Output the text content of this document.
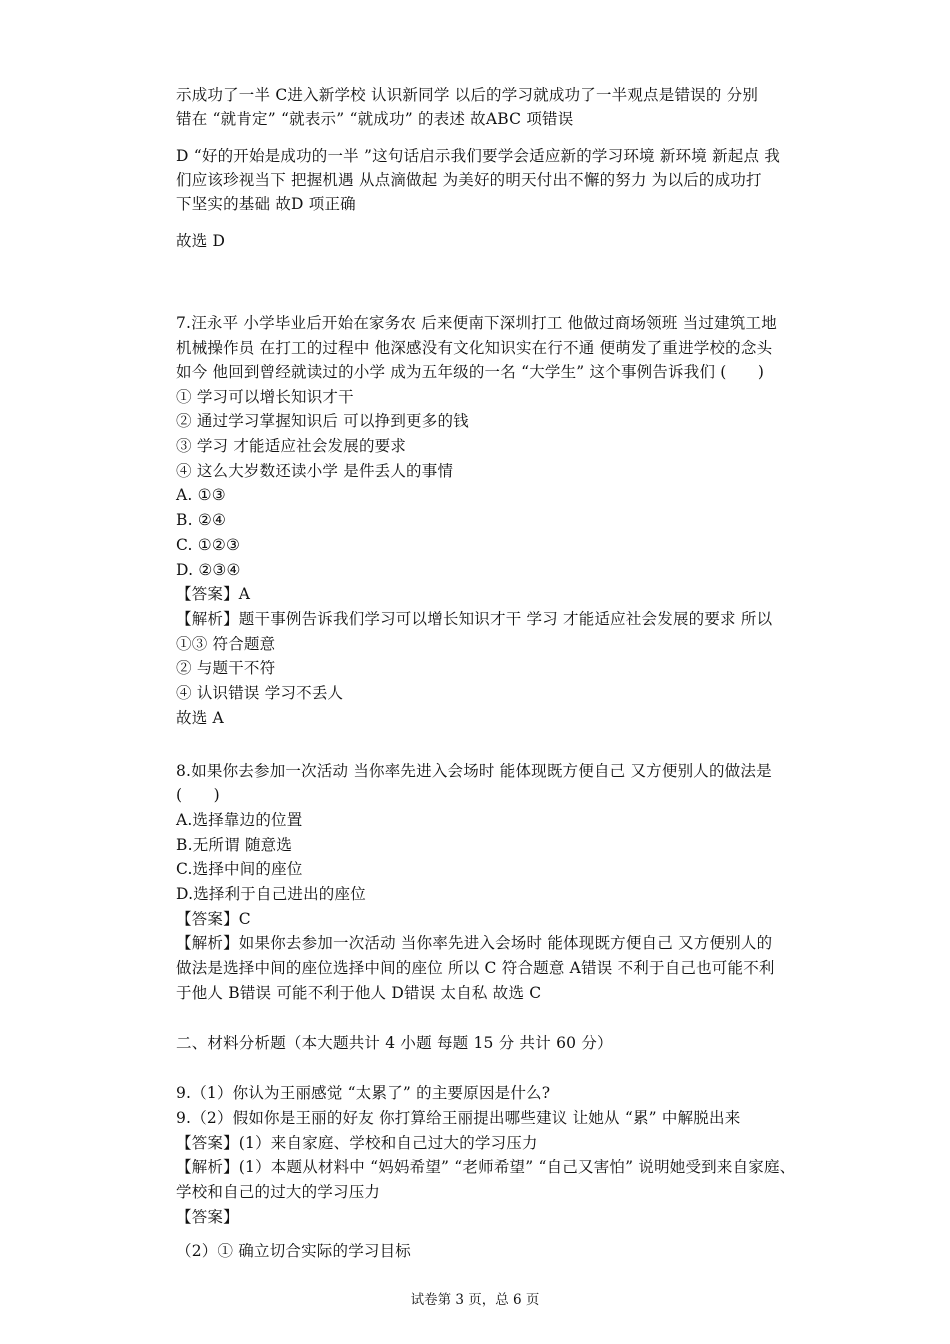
示成功了一半 C进入新学校 认识新同学 以后的学习就成功了一半观点是错误的 分别
错在 “就肯定” “就表示” “就成功” 的表述 故ABC 项错误
D “好的开始是成功的一半 ”这句话启示我们要学会适应新的学习环境 新环境 新起点 我
们应该珍视当下 把握机遇 从点滴做起 为美好的明天付出不懈的努力 为以后的成功打
下坚实的基础 故D 项正确
故选 D
7.汪永平 小学毕业后开始在家务农 后来便南下深圳打工 他做过商场领班 当过建筑工地
机械操作员 在打工的过程中 他深感没有文化知识实在行不通 便萌发了重进学校的念头
如今 他回到曾经就读过的小学 成为五年级的一名 “大学生” 这个事例告诉我们 (　　)
① 学习可以增长知识才干
② 通过学习掌握知识后 可以挣到更多的钱
③ 学习 才能适应社会发展的要求
④ 这么大岁数还读小学 是件丢人的事情
A. ①③
B. ②④
C. ①②③
D. ②③④
【答案】A
【解析】题干事例告诉我们学习可以增长知识才干 学习 才能适应社会发展的要求 所以
①③ 符合题意
② 与题干不符
④ 认识错误 学习不丢人
故选 A
8.如果你去参加一次活动 当你率先进入会场时 能体现既方便自己 又方便别人的做法是
(　　)
A.选择靠边的位置
B.无所谓 随意选
C.选择中间的座位
D.选择利于自己进出的座位
【答案】C
【解析】如果你去参加一次活动 当你率先进入会场时 能体现既方便自己 又方便别人的
做法是选择中间的座位选择中间的座位 所以 C 符合题意 A错误 不利于自己也可能不利
于他人 B错误 可能不利于他人 D错误 太自私 故选 C
二、材料分析题（本大题共计 4 小题 每题 15 分 共计 60 分）
9.（1）你认为王丽感觉 “太累了” 的主要原因是什么?
9.（2）假如你是王丽的好友 你打算给王丽提出哪些建议 让她从 “累” 中解脱出来
【答案】(1）来自家庭、学校和自己过大的学习压力
【解析】(1）本题从材料中 “妈妈希望” “老师希望” “自己又害怕” 说明她受到来自家庭、
学校和自己的过大的学习压力
【答案】
（2）① 确立切合实际的学习目标
试卷第 3 页，总 6 页
